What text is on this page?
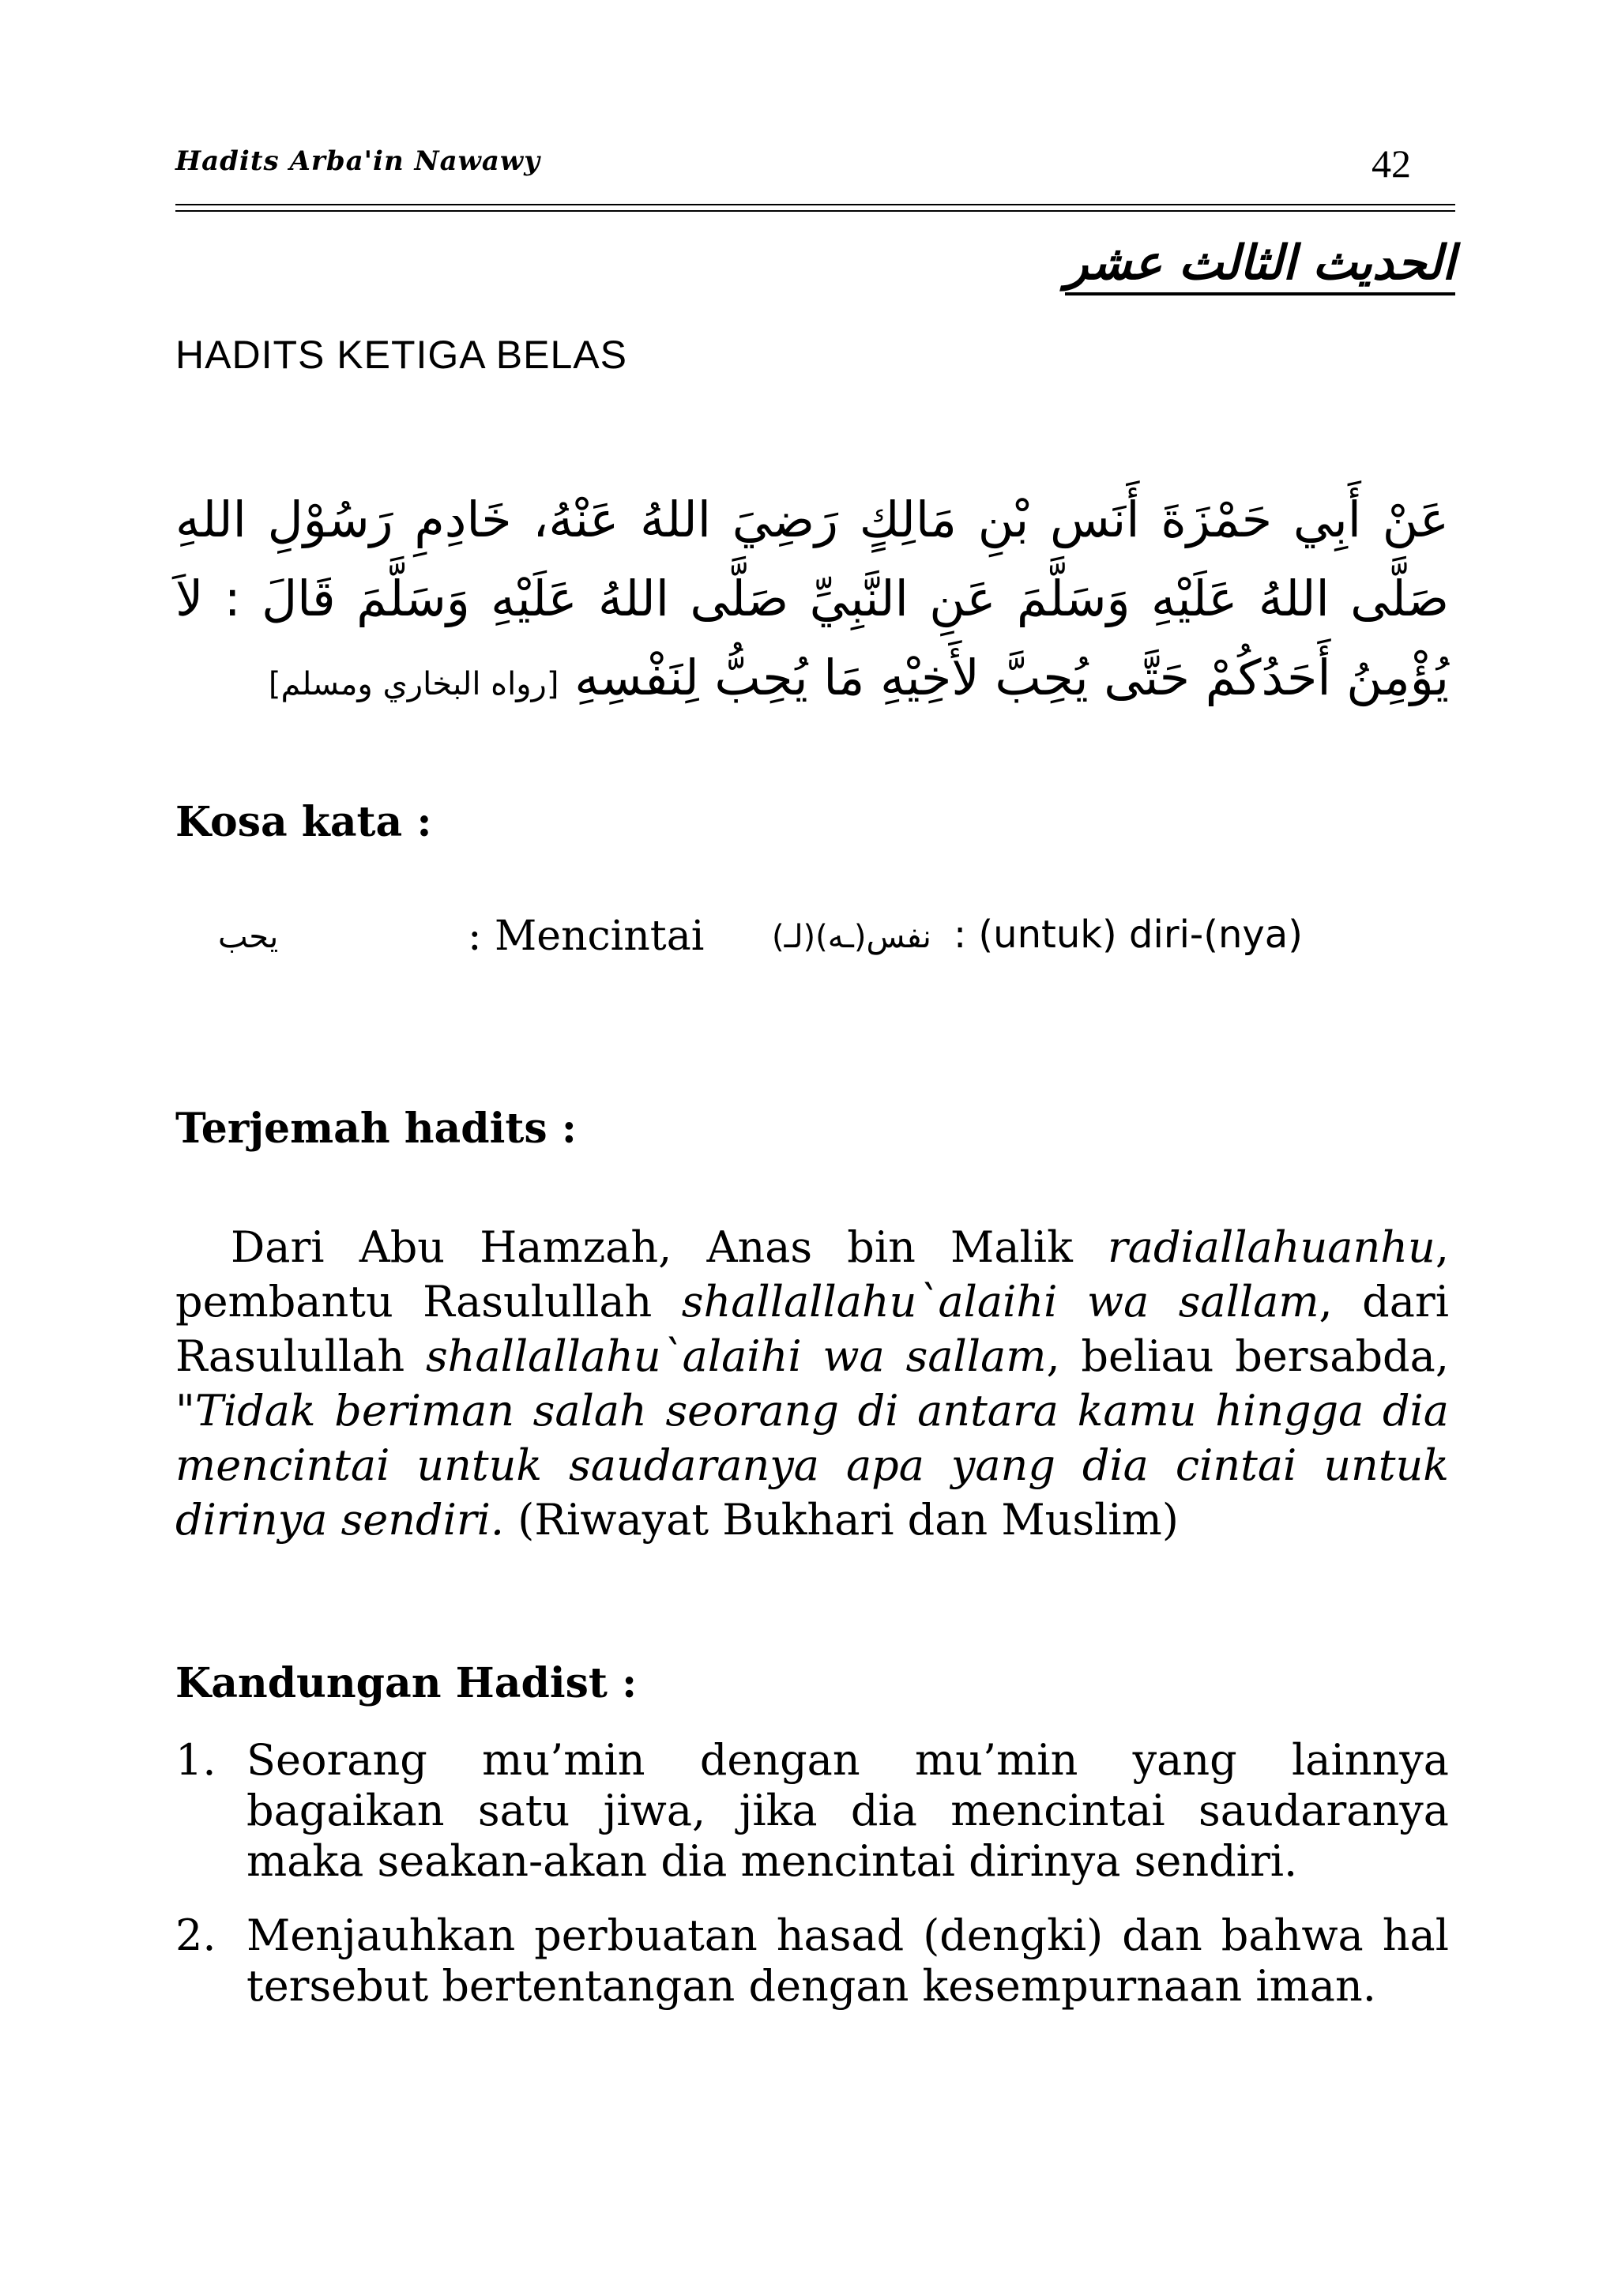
Hadits Arba'in Nawawy	42
الحديث الثالث عشر
HADITS KETIGA BELAS
عَنْ أَبِي حَمْزَةَ أَنَس بْنِ مَالِكٍ رَضِيَ اللهُ عَنْهُ، خَادِمِ رَسُوْلِ اللهِ صَلَّى اللهُ عَلَيْهِ وَسَلَّمَ عَنِ النَّبِيِّ صَلَّى اللهُ عَلَيْهِ وَسَلَّمَ قَالَ : لاَ يُؤْمِنُ أَحَدُكُمْ حَتَّى يُحِبَّ لأَخِيْهِ مَا يُحِبُّ لِنَفْسِهِ [رواه البخاري ومسلم]
Kosa kata :
يحب	: Mencintai (لـ)نفس(ـه) : (untuk) diri-(nya)
Terjemah hadits :

Dari Abu Hamzah, Anas bin Malik radiallahuanhu, pembantu Rasulullah shallallahu`alaihi wa sallam, dari Rasulullah shallallahu`alaihi wa sallam, beliau bersabda, "Tidak beriman salah seorang di antara kamu hingga dia mencintai untuk saudaranya apa yang dia cintai untuk dirinya sendiri. (Riwayat Bukhari dan Muslim)

Kandungan Hadist :
1. Seorang mu’min dengan mu’min yang lainnya bagaikan satu jiwa, jika dia mencintai saudaranya maka seakan-akan dia mencintai dirinya sendiri.
2. Menjauhkan perbuatan hasad (dengki) dan bahwa hal tersebut bertentangan dengan kesempurnaan iman.
